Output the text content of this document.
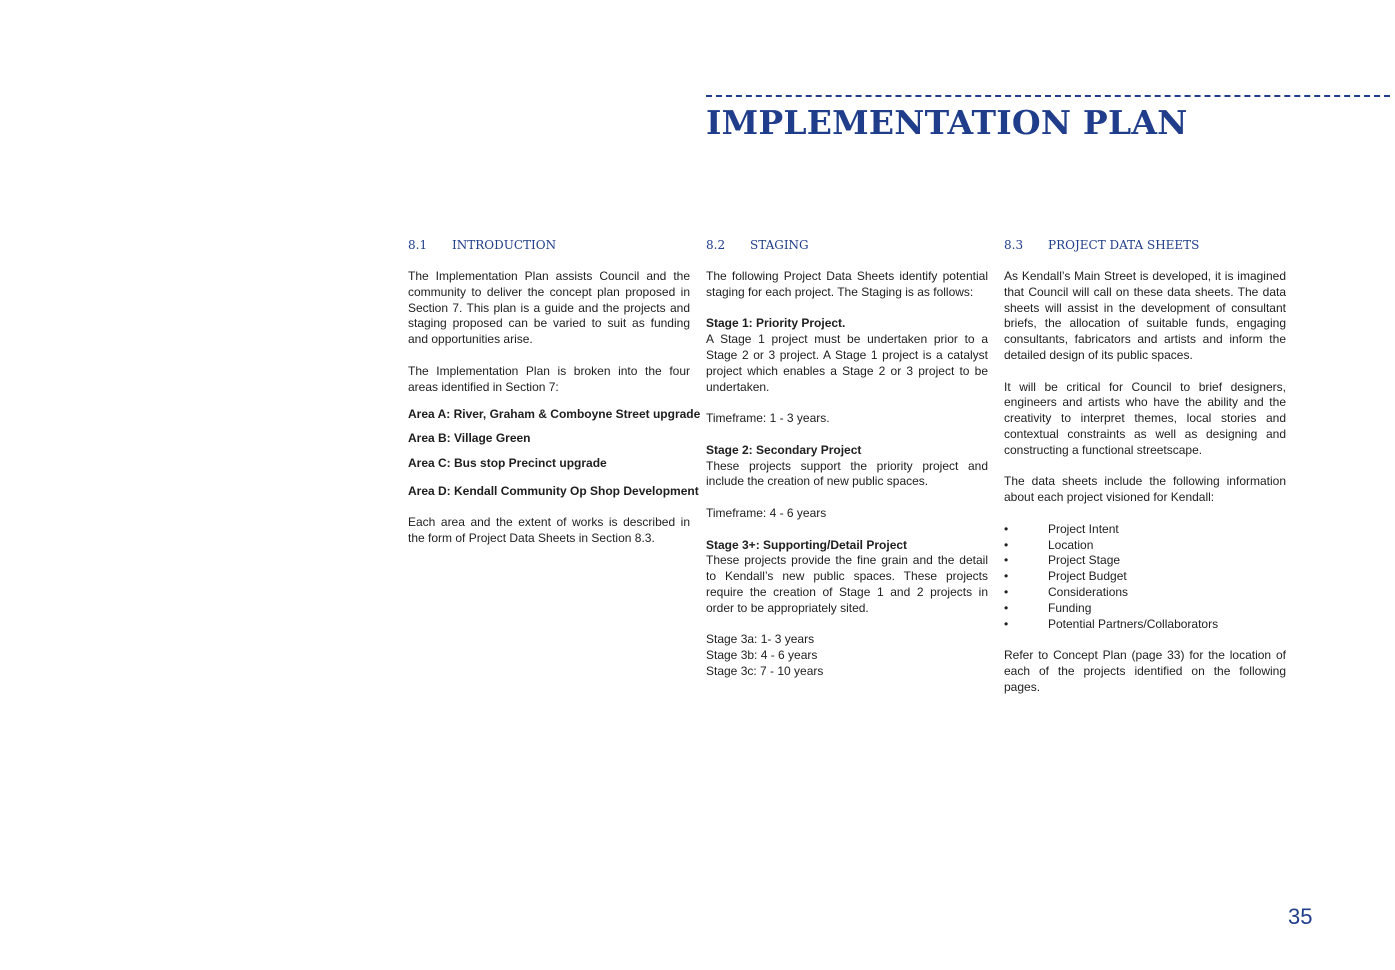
IMPLEMENTATION PLAN
8.1 INTRODUCTION

The Implementation Plan assists Council and the community to deliver the concept plan proposed in Section 7. This plan is a guide and the projects and staging proposed can be varied to suit as funding and opportunities arise.

The Implementation Plan is broken into the four areas identified in Section 7:

Area A: River, Graham & Comboyne Street upgrade
Area B: Village Green
Area C: Bus stop Precinct upgrade
Area D: Kendall Community Op Shop Development

Each area and the extent of works is described in the form of Project Data Sheets in Section 8.3.

8.2 STAGING

The following Project Data Sheets identify potential staging for each project. The Staging is as follows:

Stage 1: Priority Project.
A Stage 1 project must be undertaken prior to a Stage 2 or 3 project. A Stage 1 project is a catalyst project which enables a Stage 2 or 3 project to be undertaken.

Timeframe: 1 - 3 years.

Stage 2: Secondary Project
These projects support the priority project and include the creation of new public spaces.

Timeframe: 4 - 6 years

Stage 3+: Supporting/Detail Project
These projects provide the fine grain and the detail to Kendall’s new public spaces. These projects require the creation of Stage 1 and 2 projects in order to be appropriately sited.
Stage 3a: 1- 3 years
Stage 3b: 4 - 6 years
Stage 3c: 7 - 10 years
8.3 PROJECT DATA SHEETS

As Kendall’s Main Street is developed, it is imagined that Council will call on these data sheets. The data sheets will assist in the development of consultant briefs, the allocation of suitable funds, engaging consultants, fabricators and artists and inform the detailed design of its public spaces.

It will be critical for Council to brief designers, engineers and artists who have the ability and the creativity to interpret themes, local stories and contextual constraints as well as designing and constructing a functional streetscape.

The data sheets include the following information about each project visioned for Kendall:

•	Project Intent
•	Location
•	Project Stage
•	Project Budget
•	Considerations
•	Funding
•	Potential Partners/Collaborators

Refer to Concept Plan (page 33) for the location of each of the projects identified on the following pages.

35
